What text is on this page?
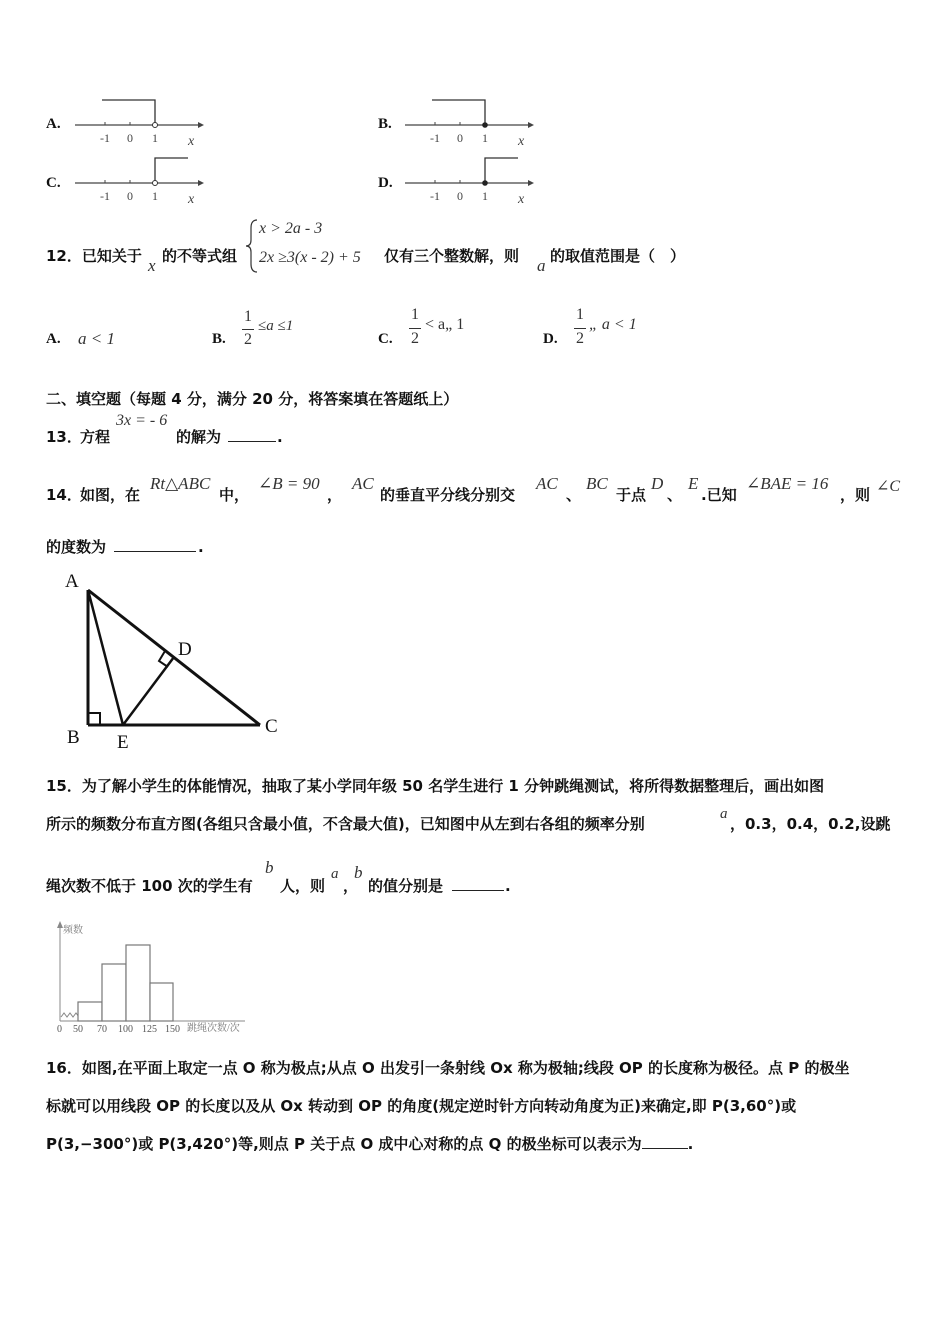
A.
-1 0 1 x
B.
-1 0 1 x
C.
-1 0 1 x
D.
-1 0 1 x
12．已知关于 x 的不等式组
x > 2a - 3
2x ≥3(x - 2) + 5 仅有三个整数解，则 a 的取值范围是（　）
A. a < 1	B.
1
2
≤a ≤1
C.
1
2
< a„ 1
D.
1
2
„ a < 1
二、填空题（每题 4 分，满分 20 分，将答案填在答题纸上）
13．
方程
3x = - 6
的解为	.
14．
如图，在
Rt△ABC
中，
∠B = 90
，
AC
的垂直平分线分别交
AC
、
BC
于点
D
、
E
.已知
∠BAE = 16
，则 ∠C
的度数为	.
A
B
C
D
E
15．为了解小学生的体能情况，抽取了某小学同年级 50 名学生进行 1 分钟跳绳测试，将所得数据整理后，画出如图
所示的频数分布直方图(各组只含最小值，不含最大值)，已知图中从左到右各组的频率分别
a
，0.3，0.4，0.2,设跳
绳次数不低于 100 次的学生有
b
人，则
a
，
b
的值分别是	.
频数
跳绳次数/次
0 50 70 100 125 150
16．如图,在平面上取定一点 O 称为极点;从点 O 出发引一条射线 Ox 称为极轴;线段 OP 的长度称为极径。点 P 的极坐
标就可以用线段 OP 的长度以及从 Ox 转动到 OP 的角度(规定逆时针方向转动角度为正)来确定,即 P(3,60°)或
P(3,−300°)或 P(3,420°)等,则点 P 关于点 O 成中心对称的点 Q 的极坐标可以表示为	.
